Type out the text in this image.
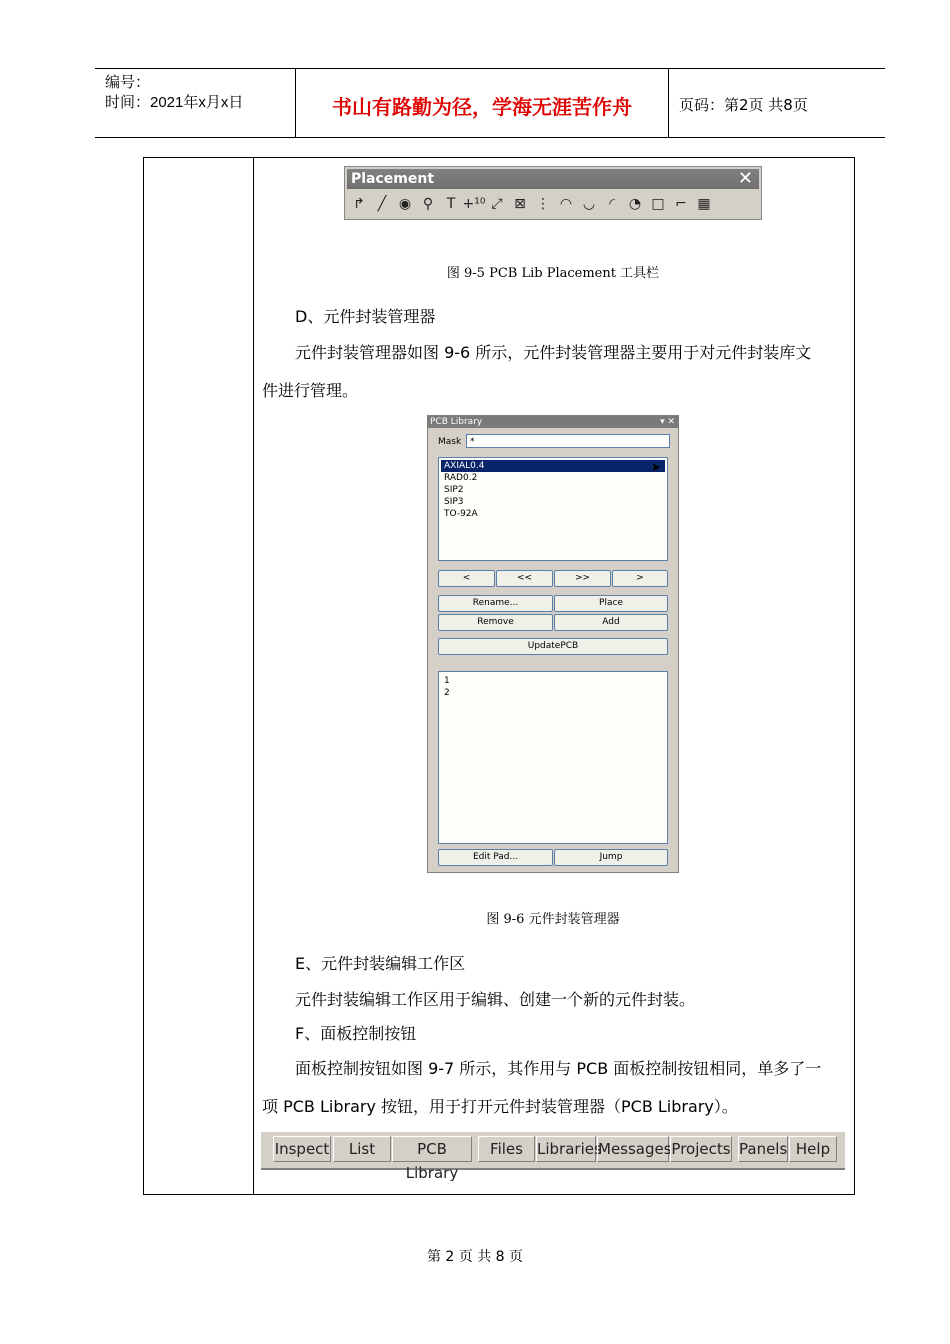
编号：
时间：2021年x月x日	书山有路勤为径，学海无涯苦作舟	页码：第2页 共8页
Placement	✕
↱ ╱ ◉ ⚲ T +¹⁰ ⤢ ⊠ ⋮ ◠ ◡	◜	◔ □ ⌐ ▦
图 9-5 PCB Lib Placement 工具栏
D、元件封装管理器
元件封装管理器如图 9-6 所示，元件封装管理器主要用于对元件封装库文
件进行管理。
PCB Library	▾ ✕
Mask *
AXIAL0.4
RAD0.2
SIP2
SIP3
TO-92A
➤
<	<<	>>	>
Rename...	Place
Remove	Add
UpdatePCB
1
2
Edit Pad...	Jump
图 9-6 元件封装管理器
E、元件封装编辑工作区
元件封装编辑工作区用于编辑、创建一个新的元件封装。
F、面板控制按钮
面板控制按钮如图 9-7 所示，其作用与 PCB 面板控制按钮相同，单多了一
项 PCB Library 按钮，用于打开元件封装管理器（PCB Library）。
Inspect	List	PCB Library
Files Libraries
Messages Projects Panels Help
第 2 页 共 8 页
